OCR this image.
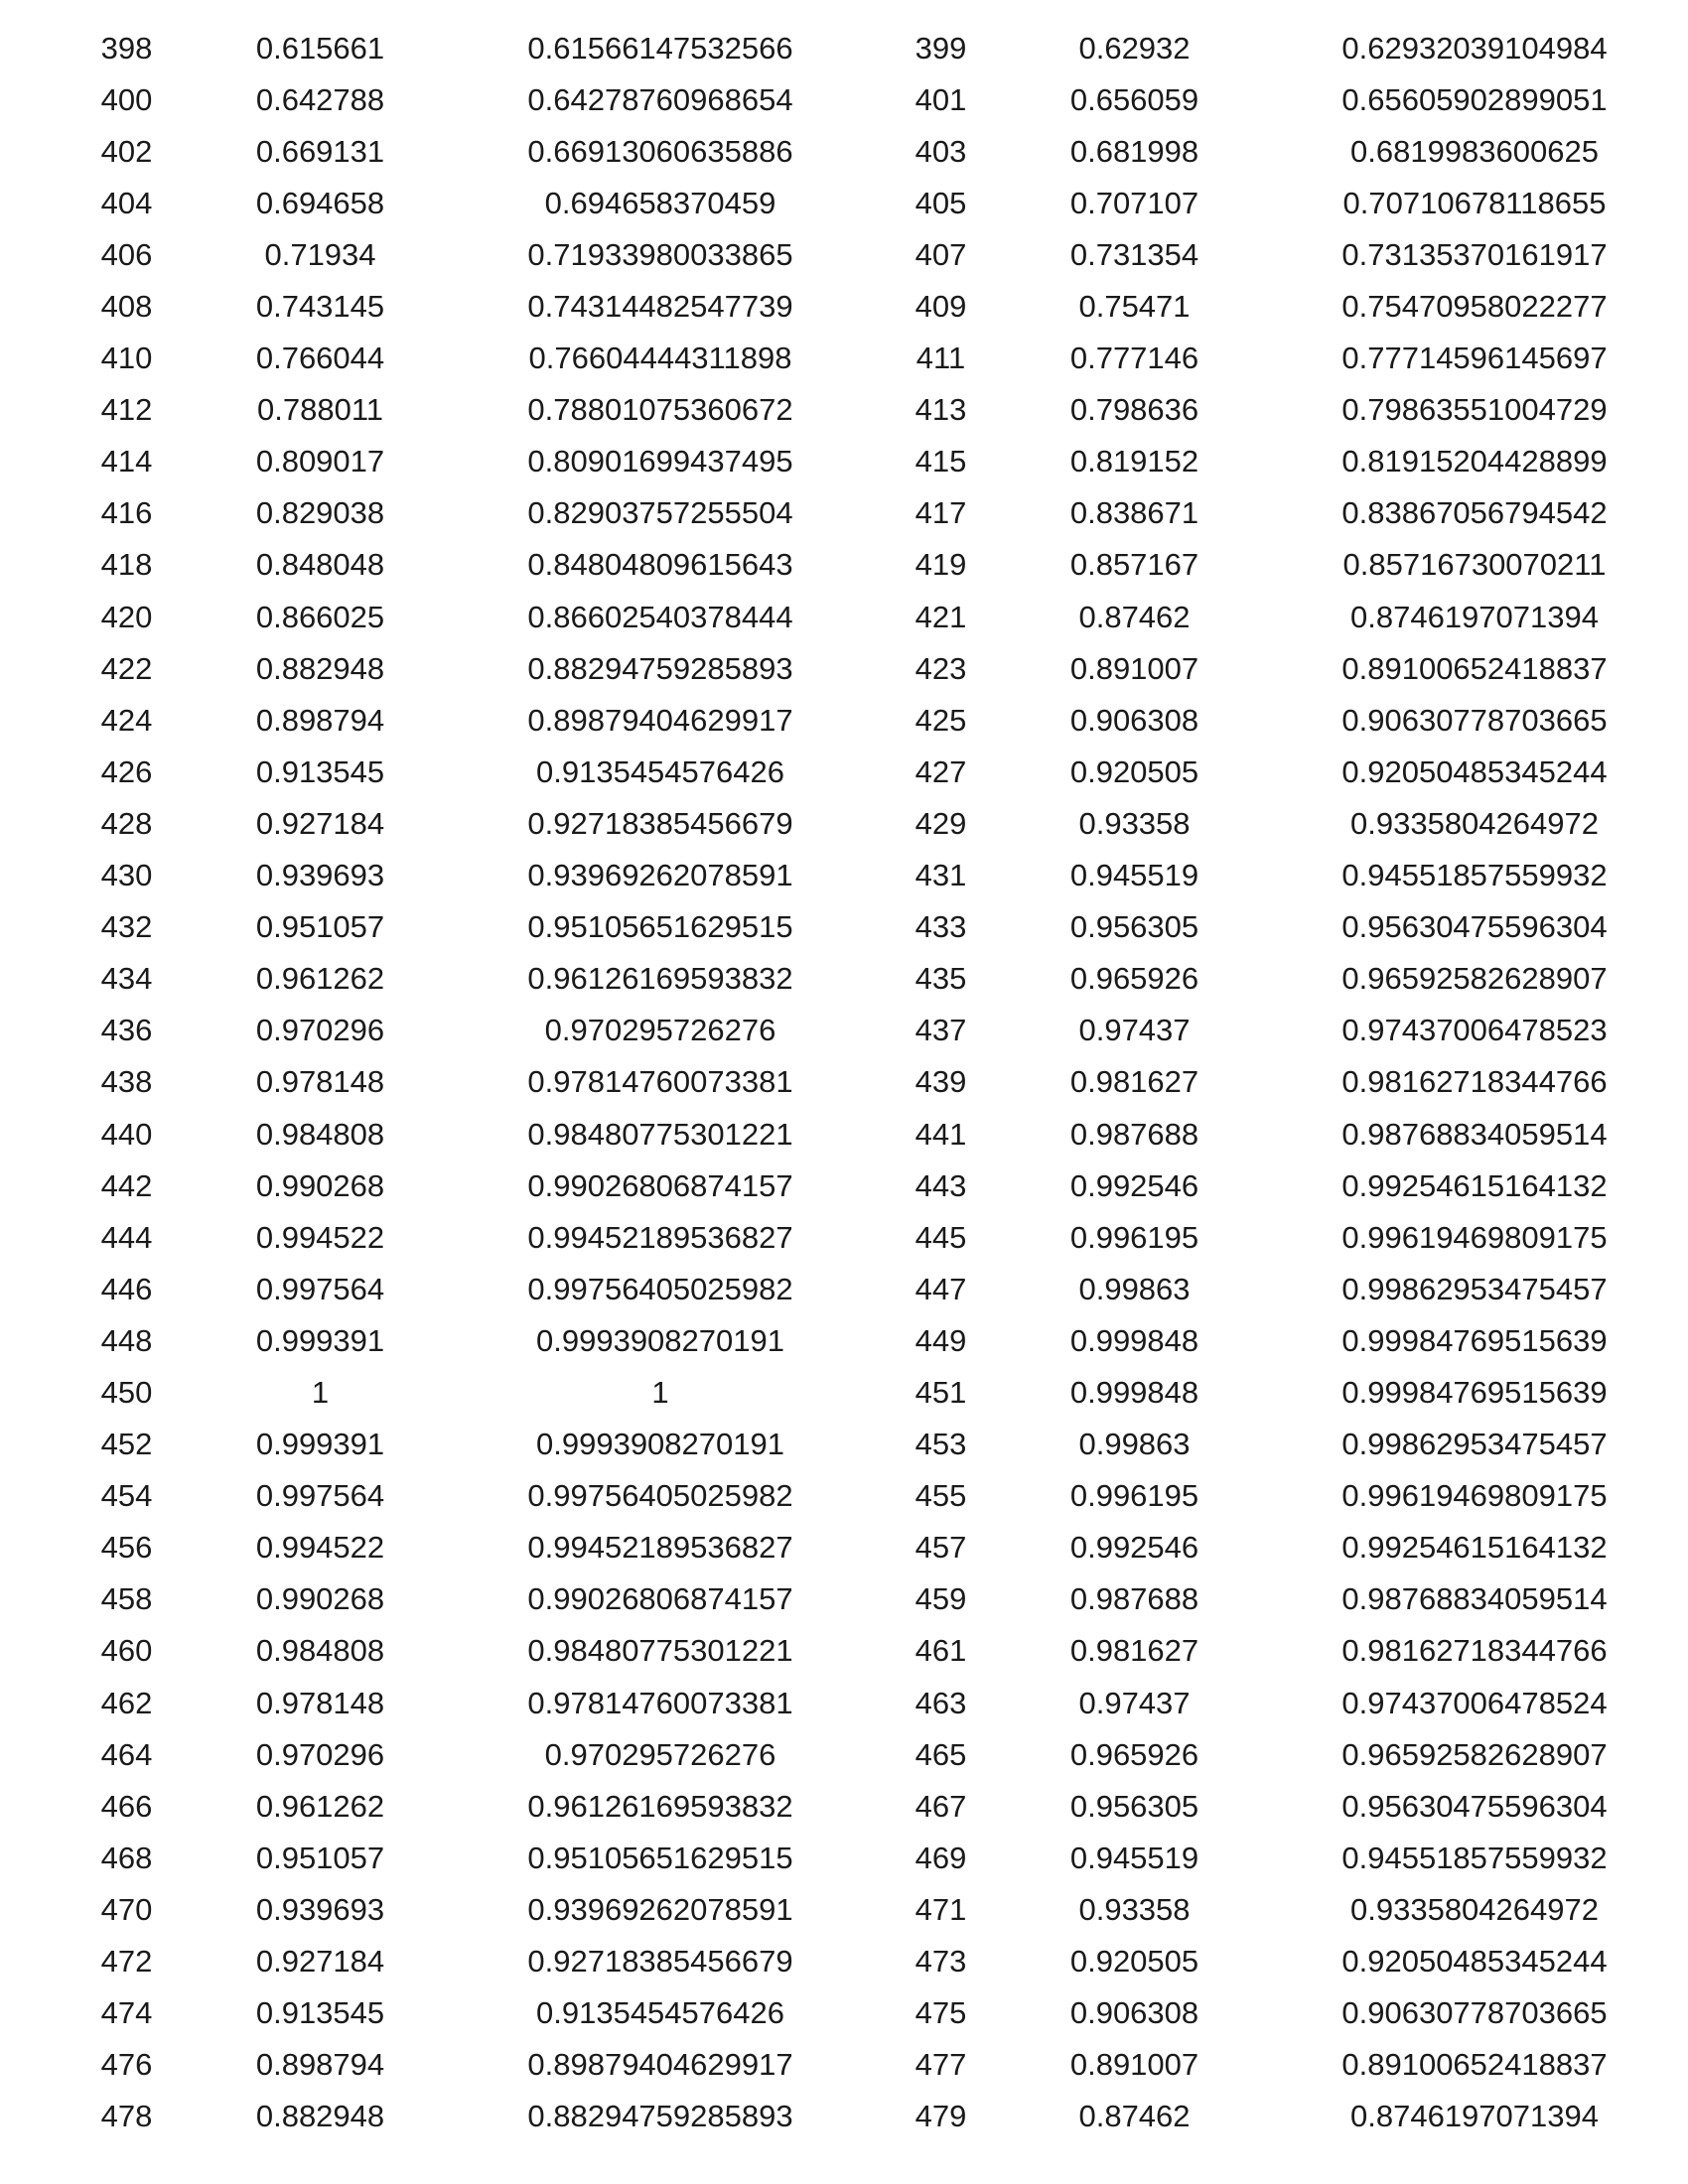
398	0.615661	0.61566147532566	399	0.62932	0.62932039104984
400	0.642788	0.64278760968654	401	0.656059	0.65605902899051
402	0.669131	0.66913060635886	403	0.681998	0.6819983600625
404	0.694658	0.694658370459	405	0.707107	0.70710678118655
406	0.71934	0.71933980033865	407	0.731354	0.73135370161917
408	0.743145	0.74314482547739	409	0.75471	0.75470958022277
410	0.766044	0.76604444311898	411	0.777146	0.77714596145697
412	0.788011	0.78801075360672	413	0.798636	0.79863551004729
414	0.809017	0.80901699437495	415	0.819152	0.81915204428899
416	0.829038	0.82903757255504	417	0.838671	0.83867056794542
418	0.848048	0.84804809615643	419	0.857167	0.85716730070211
420	0.866025	0.86602540378444	421	0.87462	0.8746197071394
422	0.882948	0.88294759285893	423	0.891007	0.89100652418837
424	0.898794	0.89879404629917	425	0.906308	0.90630778703665
426	0.913545	0.9135454576426	427	0.920505	0.92050485345244
428	0.927184	0.92718385456679	429	0.93358	0.9335804264972
430	0.939693	0.93969262078591	431	0.945519	0.94551857559932
432	0.951057	0.95105651629515	433	0.956305	0.95630475596304
434	0.961262	0.96126169593832	435	0.965926	0.96592582628907
436	0.970296	0.970295726276	437	0.97437	0.97437006478523
438	0.978148	0.97814760073381	439	0.981627	0.98162718344766
440	0.984808	0.98480775301221	441	0.987688	0.98768834059514
442	0.990268	0.99026806874157	443	0.992546	0.99254615164132
444	0.994522	0.99452189536827	445	0.996195	0.99619469809175
446	0.997564	0.99756405025982	447	0.99863	0.99862953475457
448	0.999391	0.9993908270191	449	0.999848	0.99984769515639
450	1	1	451	0.999848	0.99984769515639
452	0.999391	0.9993908270191	453	0.99863	0.99862953475457
454	0.997564	0.99756405025982	455	0.996195	0.99619469809175
456	0.994522	0.99452189536827	457	0.992546	0.99254615164132
458	0.990268	0.99026806874157	459	0.987688	0.98768834059514
460	0.984808	0.98480775301221	461	0.981627	0.98162718344766
462	0.978148	0.97814760073381	463	0.97437	0.97437006478524
464	0.970296	0.970295726276	465	0.965926	0.96592582628907
466	0.961262	0.96126169593832	467	0.956305	0.95630475596304
468	0.951057	0.95105651629515	469	0.945519	0.94551857559932
470	0.939693	0.93969262078591	471	0.93358	0.9335804264972
472	0.927184	0.92718385456679	473	0.920505	0.92050485345244
474	0.913545	0.9135454576426	475	0.906308	0.90630778703665
476	0.898794	0.89879404629917	477	0.891007	0.89100652418837
478	0.882948	0.88294759285893	479	0.87462	0.8746197071394
